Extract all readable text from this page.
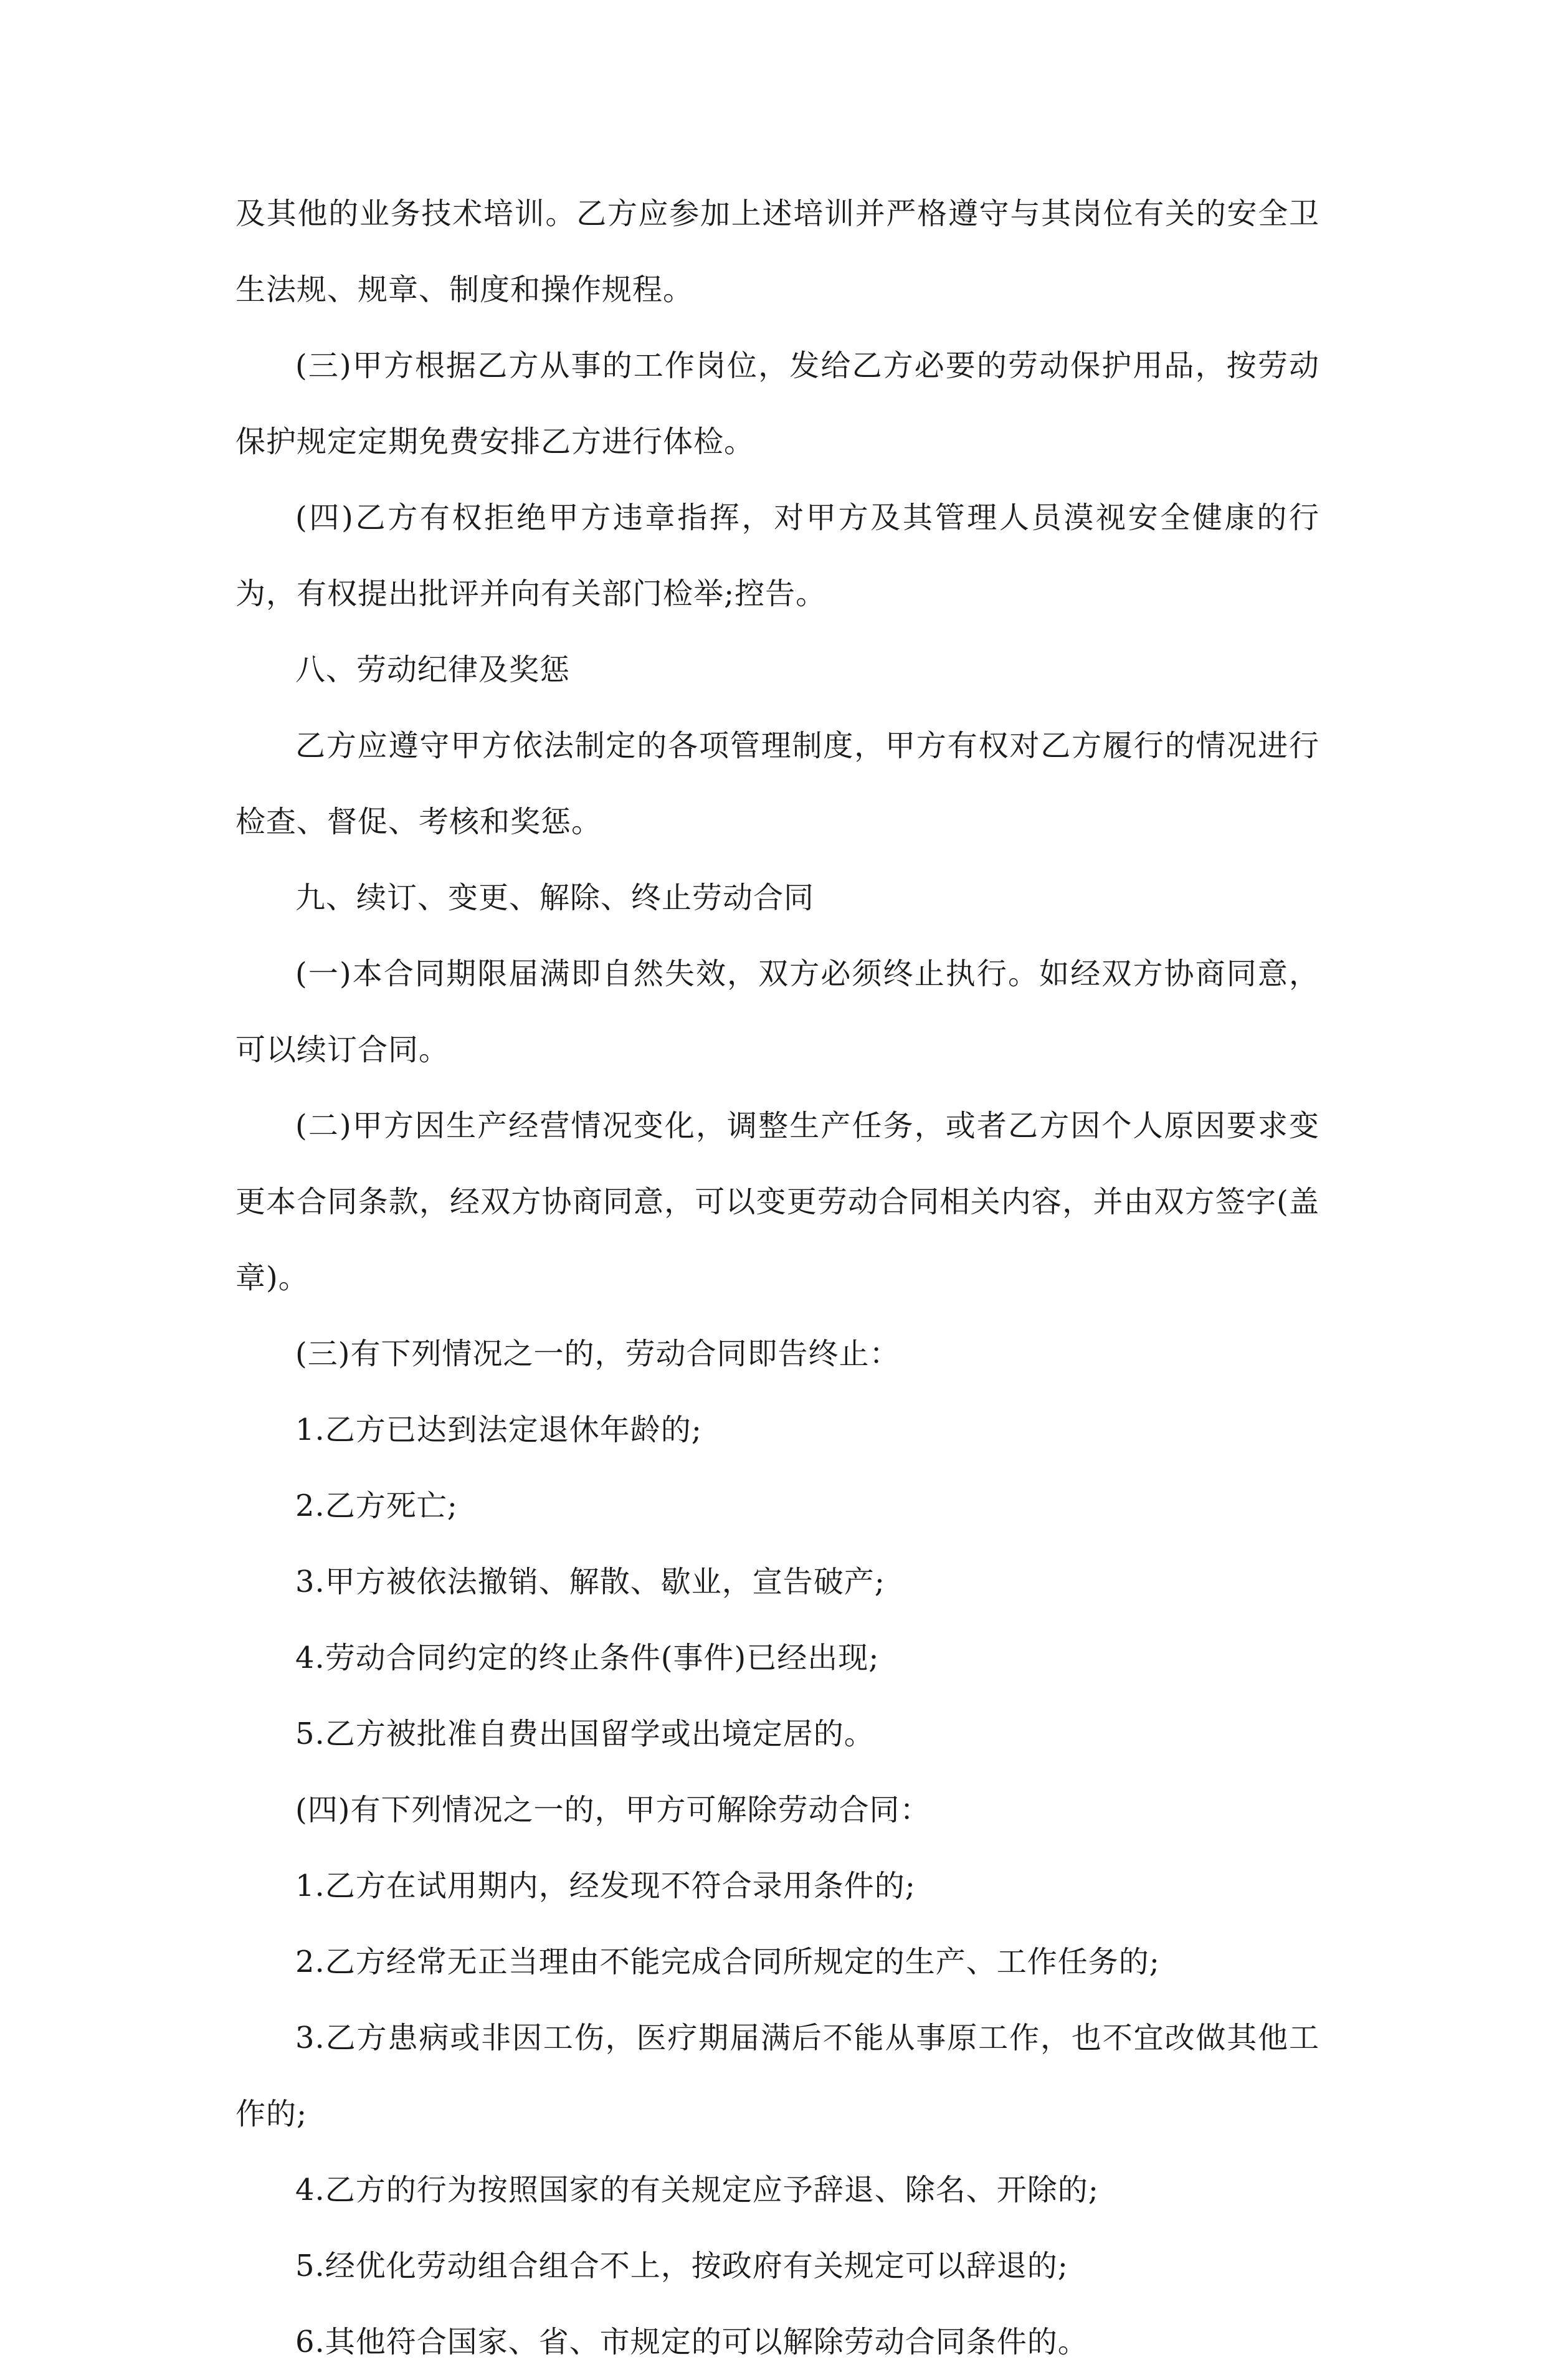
及其他的业务技术培训。乙方应参加上述培训并严格遵守与其岗位有关的安全卫生法规、规章、制度和操作规程。

(三)甲方根据乙方从事的工作岗位，发给乙方必要的劳动保护用品，按劳动保护规定定期免费安排乙方进行体检。

(四)乙方有权拒绝甲方违章指挥，对甲方及其管理人员漠视安全健康的行为，有权提出批评并向有关部门检举;控告。

八、劳动纪律及奖惩

乙方应遵守甲方依法制定的各项管理制度，甲方有权对乙方履行的情况进行检查、督促、考核和奖惩。

九、续订、变更、解除、终止劳动合同

(一)本合同期限届满即自然失效，双方必须终止执行。如经双方协商同意，可以续订合同。

(二)甲方因生产经营情况变化，调整生产任务，或者乙方因个人原因要求变更本合同条款，经双方协商同意，可以变更劳动合同相关内容，并由双方签字(盖章)。

(三)有下列情况之一的，劳动合同即告终止：

1.乙方已达到法定退休年龄的;

2.乙方死亡;

3.甲方被依法撤销、解散、歇业，宣告破产;

4.劳动合同约定的终止条件(事件)已经出现;

5.乙方被批准自费出国留学或出境定居的。

(四)有下列情况之一的，甲方可解除劳动合同：

1.乙方在试用期内，经发现不符合录用条件的;

2.乙方经常无正当理由不能完成合同所规定的生产、工作任务的;

3.乙方患病或非因工伤，医疗期届满后不能从事原工作，也不宜改做其他工作的;

4.乙方的行为按照国家的有关规定应予辞退、除名、开除的;

5.经优化劳动组合组合不上，按政府有关规定可以辞退的;

6.其他符合国家、省、市规定的可以解除劳动合同条件的。
